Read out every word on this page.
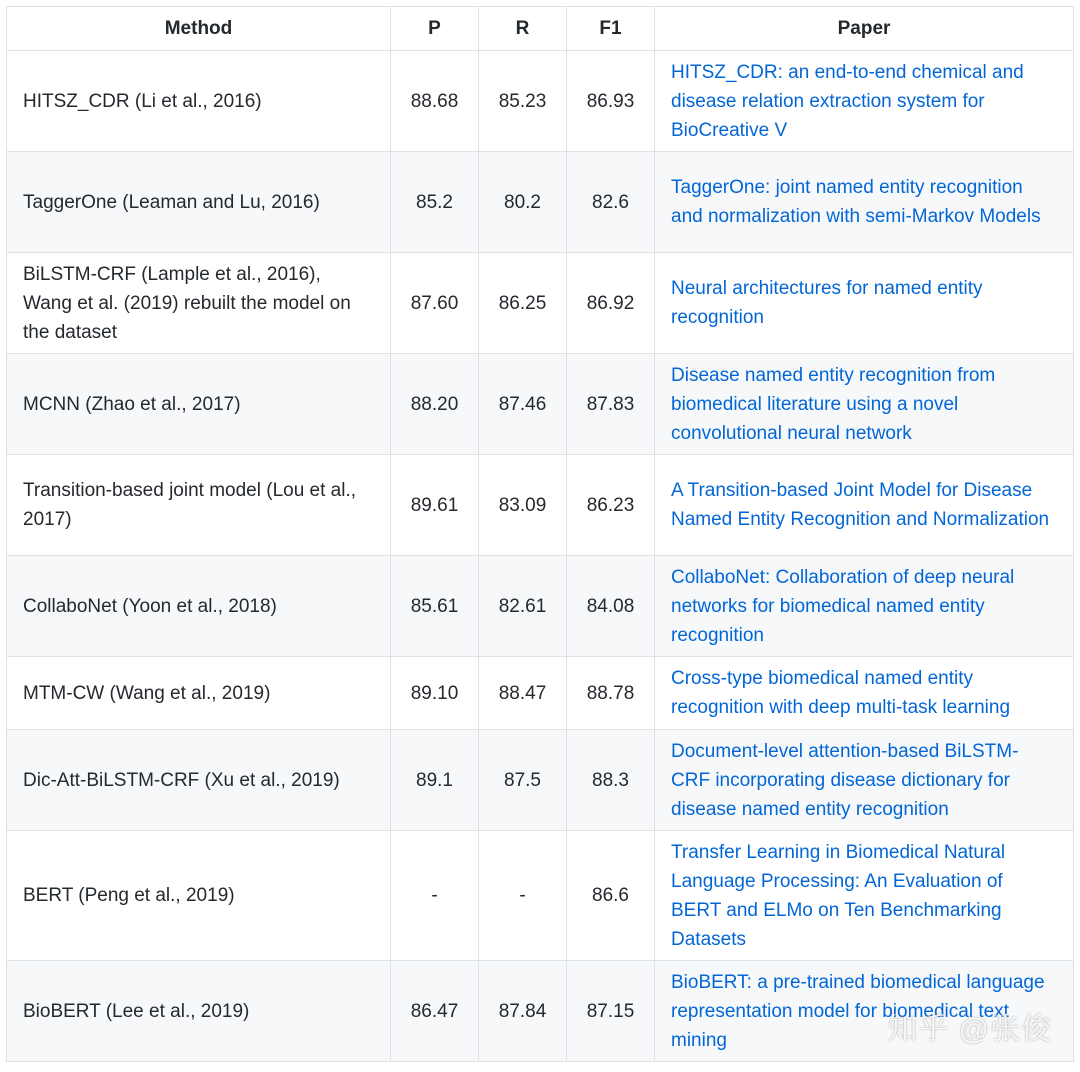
Method	P	R	F1	Paper
HITSZ_CDR (Li et al., 2016)	88.68	85.23	86.93	HITSZ_CDR: an end-to-end chemical and disease relation extraction system for BioCreative V
TaggerOne (Leaman and Lu, 2016)	85.2	80.2	82.6	TaggerOne: joint named entity recognition and normalization with semi-Markov Models
BiLSTM-CRF (Lample et al., 2016), Wang et al. (2019) rebuilt the model on the dataset	87.60	86.25	86.92	Neural architectures for named entity recognition
MCNN (Zhao et al., 2017)	88.20	87.46	87.83	Disease named entity recognition from biomedical literature using a novel convolutional neural network
Transition-based joint model (Lou et al., 2017)	89.61	83.09	86.23	A Transition-based Joint Model for Disease Named Entity Recognition and Normalization
CollaboNet (Yoon et al., 2018)	85.61	82.61	84.08	CollaboNet: Collaboration of deep neural networks for biomedical named entity recognition
MTM-CW (Wang et al., 2019)	89.10	88.47	88.78	Cross-type biomedical named entity recognition with deep multi-task learning
Dic-Att-BiLSTM-CRF (Xu et al., 2019)	89.1	87.5	88.3	Document-level attention-based BiLSTM-CRF incorporating disease dictionary for disease named entity recognition
BERT (Peng et al., 2019)	-	-	86.6	Transfer Learning in Biomedical Natural Language Processing: An Evaluation of BERT and ELMo on Ten Benchmarking Datasets
BioBERT (Lee et al., 2019)	86.47	87.84	87.15	BioBERT: a pre-trained biomedical language representation model for biomedical text mining	知乎 @张俊
